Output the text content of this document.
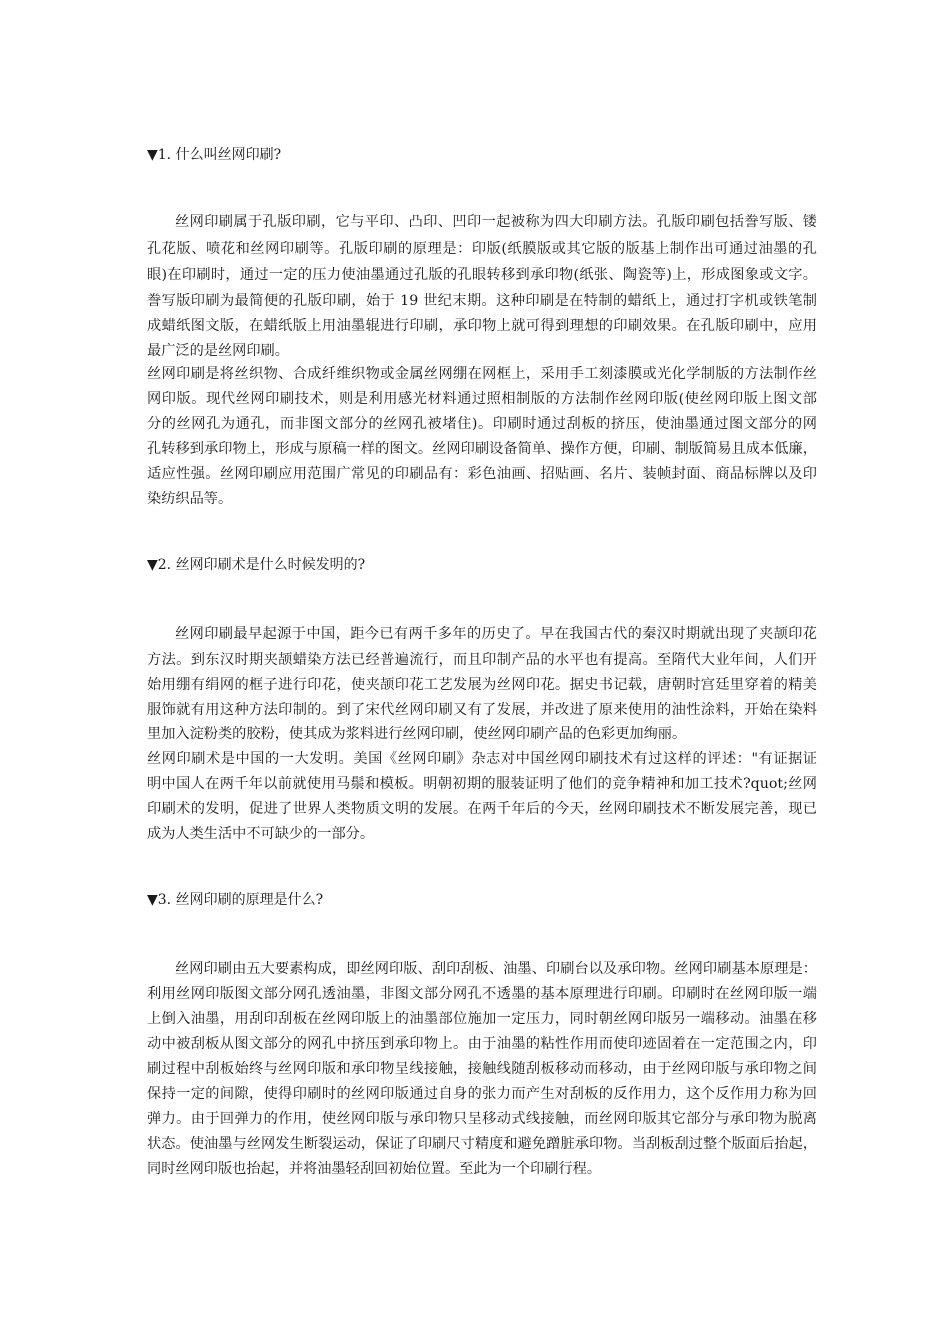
▼1. 什么叫丝网印刷?

丝网印刷属于孔版印刷，它与平印、凸印、凹印一起被称为四大印刷方法。孔版印刷包括誊写版、镂

孔花版、喷花和丝网印刷等。孔版印刷的原理是：印版(纸膜版或其它版的版基上制作出可通过油墨的孔

眼)在印刷时，通过一定的压力使油墨通过孔版的孔眼转移到承印物(纸张、陶瓷等)上，形成图象或文字。

誊写版印刷为最简便的孔版印刷，始于 19 世纪末期。这种印刷是在特制的蜡纸上，通过打字机或铁笔制

成蜡纸图文版，在蜡纸版上用油墨辊进行印刷，承印物上就可得到理想的印刷效果。在孔版印刷中，应用

最广泛的是丝网印刷。

丝网印刷是将丝织物、合成纤维织物或金属丝网绷在网框上，采用手工刻漆膜或光化学制版的方法制作丝

网印版。现代丝网印刷技术，则是利用感光材料通过照相制版的方法制作丝网印版(使丝网印版上图文部

分的丝网孔为通孔，而非图文部分的丝网孔被堵住)。印刷时通过刮板的挤压，使油墨通过图文部分的网

孔转移到承印物上，形成与原稿一样的图文。丝网印刷设备简单、操作方便，印刷、制版简易且成本低廉，

适应性强。丝网印刷应用范围广常见的印刷品有：彩色油画、招贴画、名片、装帧封面、商品标牌以及印

染纺织品等。

▼2. 丝网印刷术是什么时候发明的?

丝网印刷最早起源于中国，距今已有两千多年的历史了。早在我国古代的秦汉时期就出现了夹颉印花

方法。到东汉时期夹颉蜡染方法已经普遍流行，而且印制产品的水平也有提高。至隋代大业年间，人们开

始用绷有绢网的框子进行印花，使夹颉印花工艺发展为丝网印花。据史书记载，唐朝时宫廷里穿着的精美

服饰就有用这种方法印制的。到了宋代丝网印刷又有了发展，并改进了原来使用的油性涂料，开始在染料

里加入淀粉类的胶粉，使其成为浆料进行丝网印刷，使丝网印刷产品的色彩更加绚丽。

丝网印刷术是中国的一大发明。美国《丝网印刷》杂志对中国丝网印刷技术有过这样的评述："有证据证

明中国人在两千年以前就使用马鬃和模板。明朝初期的服装证明了他们的竞争精神和加工技术?quot;丝网

印刷术的发明，促进了世界人类物质文明的发展。在两千年后的今天，丝网印刷技术不断发展完善，现已

成为人类生活中不可缺少的一部分。

▼3. 丝网印刷的原理是什么?

丝网印刷由五大要素构成，即丝网印版、刮印刮板、油墨、印刷台以及承印物。丝网印刷基本原理是：

利用丝网印版图文部分网孔透油墨，非图文部分网孔不透墨的基本原理进行印刷。印刷时在丝网印版一端

上倒入油墨，用刮印刮板在丝网印版上的油墨部位施加一定压力，同时朝丝网印版另一端移动。油墨在移

动中被刮板从图文部分的网孔中挤压到承印物上。由于油墨的粘性作用而使印迹固着在一定范围之内，印

刷过程中刮板始终与丝网印版和承印物呈线接触，接触线随刮板移动而移动，由于丝网印版与承印物之间

保持一定的间隙，使得印刷时的丝网印版通过自身的张力而产生对刮板的反作用力，这个反作用力称为回

弹力。由于回弹力的作用，使丝网印版与承印物只呈移动式线接触，而丝网印版其它部分与承印物为脱离

状态。使油墨与丝网发生断裂运动，保证了印刷尺寸精度和避免蹭脏承印物。当刮板刮过整个版面后抬起，

同时丝网印版也抬起，并将油墨轻刮回初始位置。至此为一个印刷行程。
